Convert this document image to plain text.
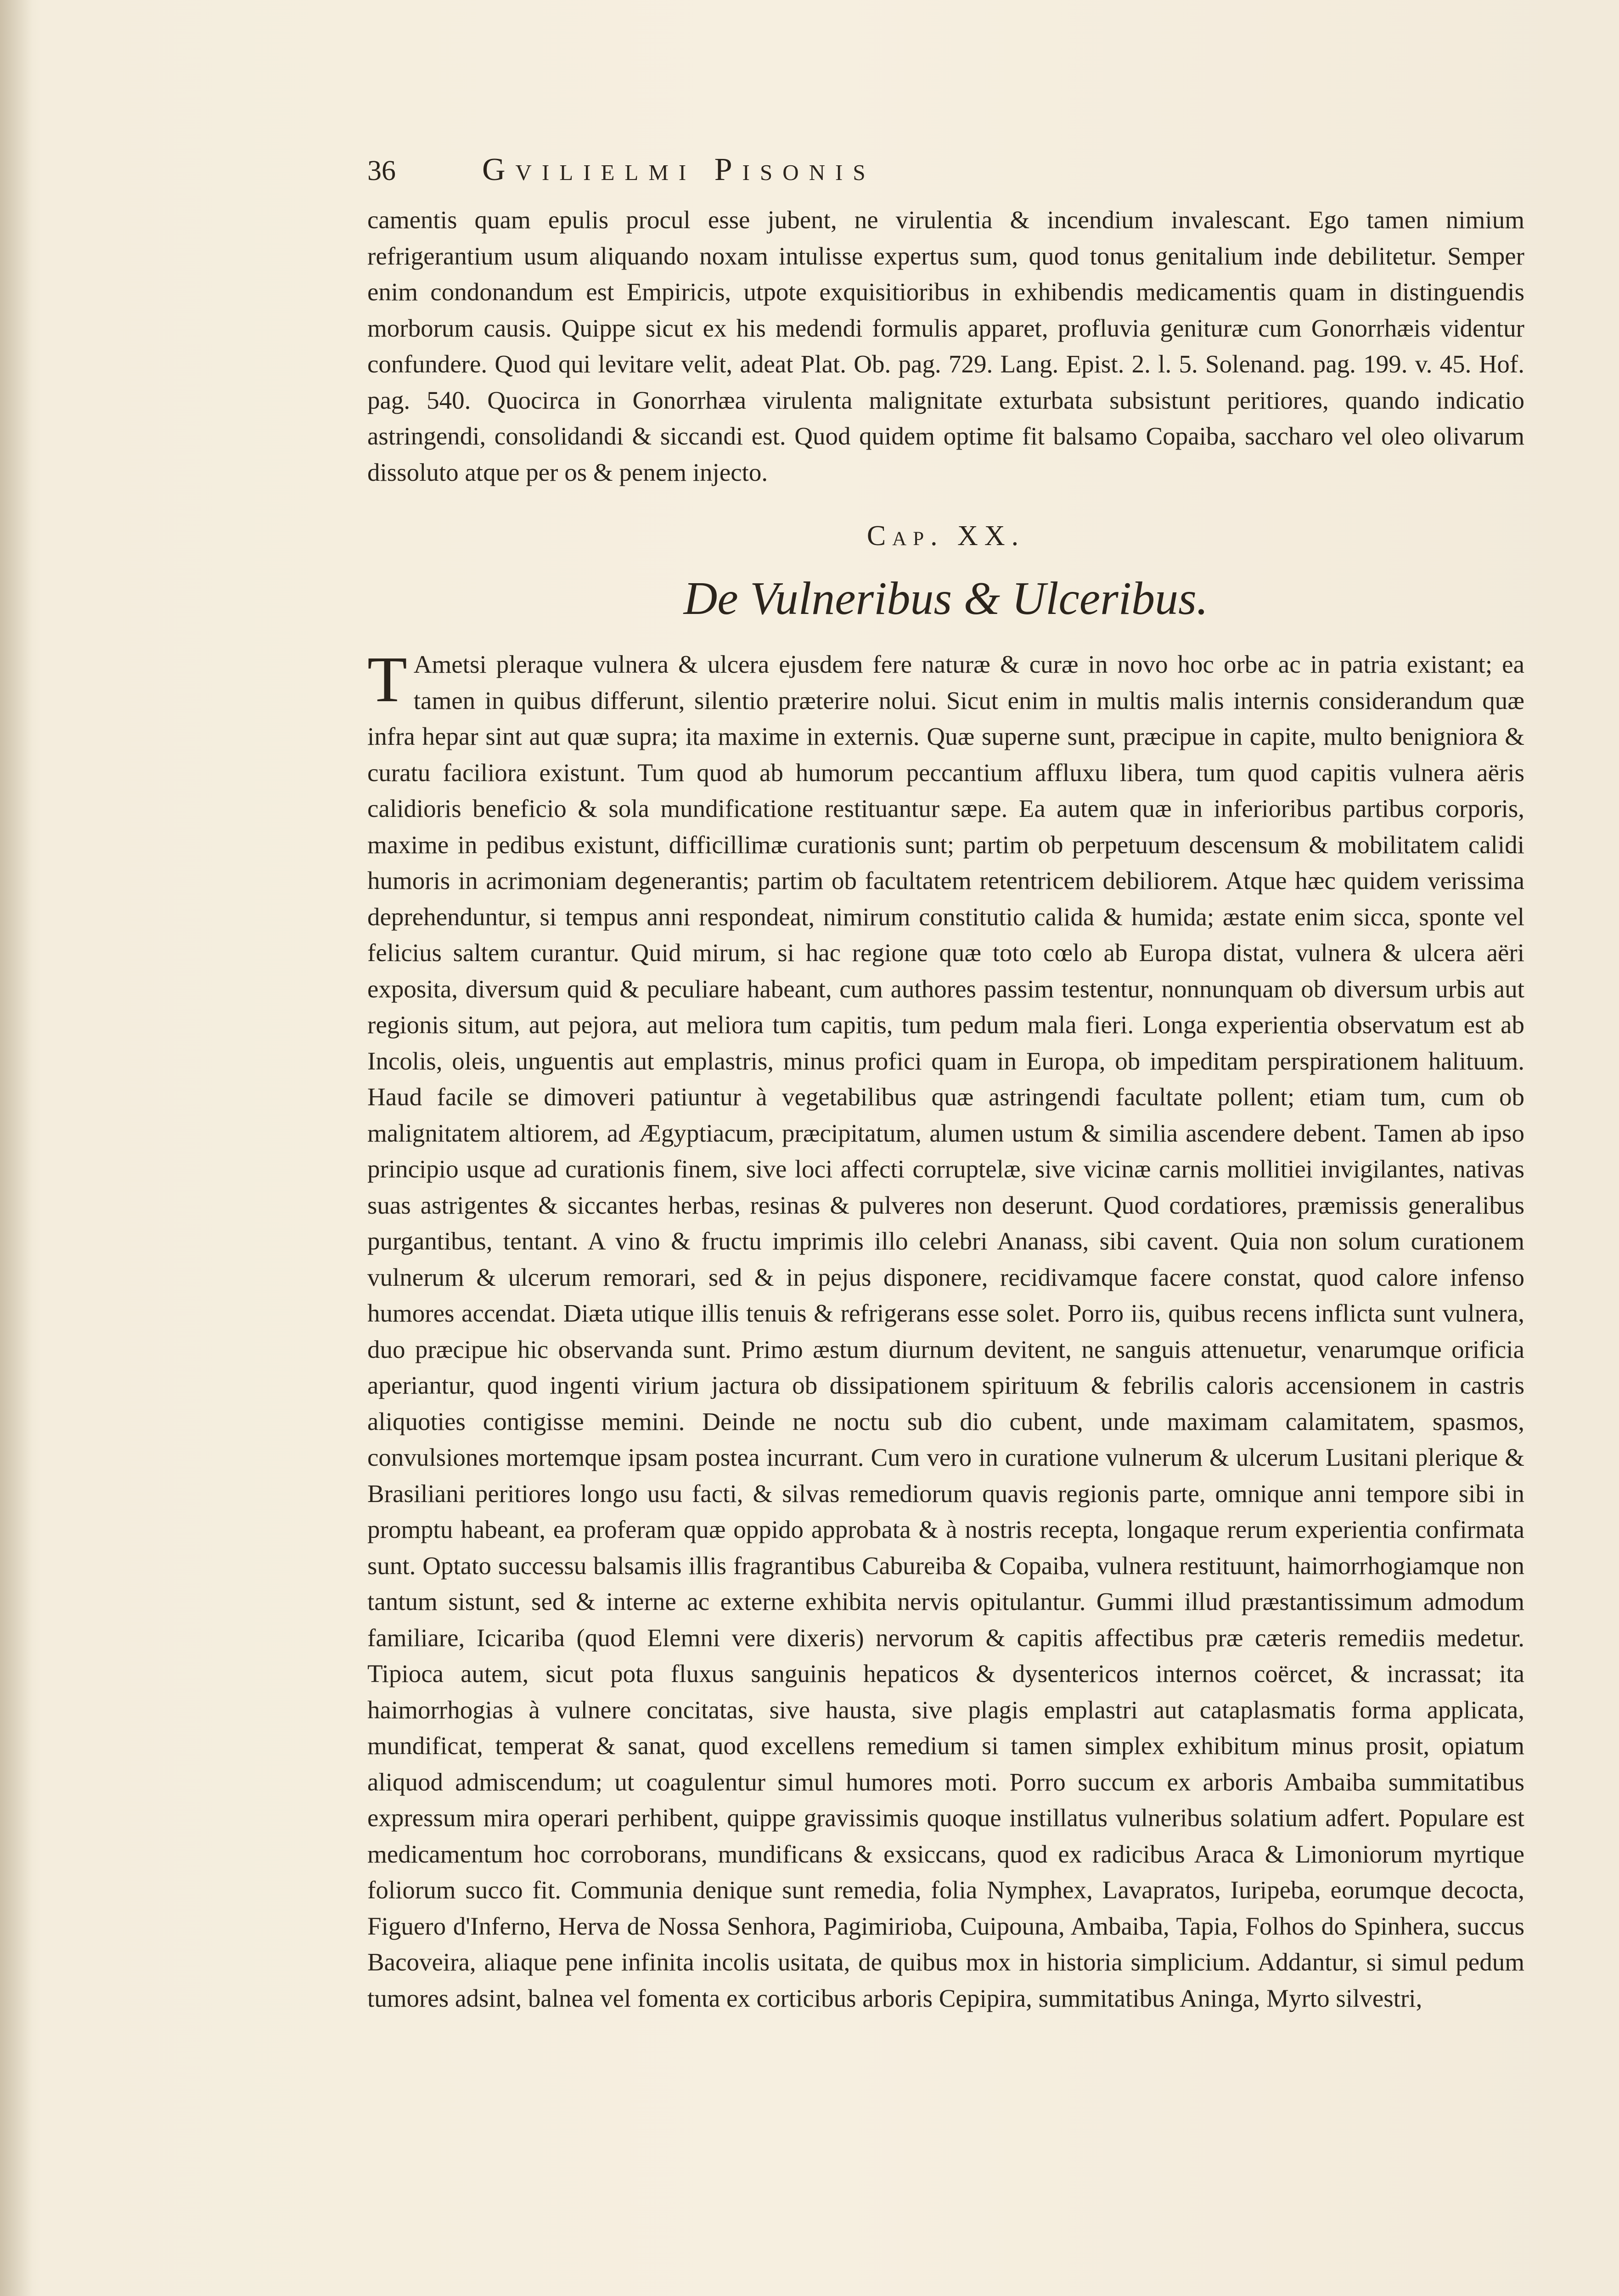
36	Gvilielmi Pisonis

camentis quam epulis procul esse jubent, ne virulentia & incendium invalescant. Ego tamen nimium refrigerantium usum aliquando noxam intulisse expertus sum, quod tonus genitalium inde debilitetur. Semper enim condonandum est Empiricis, utpote exquisitioribus in exhibendis medicamentis quam in distinguendis morborum causis. Quippe sicut ex his medendi formulis apparet, profluvia genituræ cum Gonorrhæis videntur confundere. Quod qui levitare velit, adeat Plat. Ob. pag. 729. Lang. Epist. 2. l. 5. Solenand. pag. 199. v. 45. Hof. pag. 540. Quocirca in Gonorrhæa virulenta malignitate exturbata subsistunt peritiores, quando indicatio astringendi, consolidandi & siccandi est. Quod quidem optime fit balsamo Copaiba, saccharo vel oleo olivarum dissoluto atque per os & penem injecto.

Cap. XX.
De Vulneribus & Ulceribus.
T Ametsi pleraque vulnera & ulcera ejusdem fere naturæ & curæ in novo hoc orbe ac in patria existant; ea tamen in quibus differunt, silentio præterire nolui. Sicut enim in multis malis internis considerandum quæ infra hepar sint aut quæ supra; ita maxime in externis. Quæ superne sunt, præcipue in capite, multo benigniora & curatu faciliora existunt. Tum quod ab humorum peccantium affluxu libera, tum quod capitis vulnera aëris calidioris beneficio & sola mundificatione restituantur sæpe. Ea autem quæ in inferioribus partibus corporis, maxime in pedibus existunt, difficillimæ curationis sunt; partim ob perpetuum descensum & mobilitatem calidi humoris in acrimoniam degenerantis; partim ob facultatem retentricem debiliorem. Atque hæc quidem verissima deprehenduntur, si tempus anni respondeat, nimirum constitutio calida & humida; æstate enim sicca, sponte vel felicius saltem curantur. Quid mirum, si hac regione quæ toto cœlo ab Europa distat, vulnera & ulcera aëri exposita, diversum quid & peculiare habeant, cum authores passim testentur, nonnunquam ob diversum urbis aut regionis situm, aut pejora, aut meliora tum capitis, tum pedum mala fieri. Longa experientia observatum est ab Incolis, oleis, unguentis aut emplastris, minus profici quam in Europa, ob impeditam perspirationem halituum. Haud facile se dimoveri patiuntur à vegetabilibus quæ astringendi facultate pollent; etiam tum, cum ob malignitatem altiorem, ad Ægyptiacum, præcipitatum, alumen ustum & similia ascendere debent. Tamen ab ipso principio usque ad curationis finem, sive loci affecti corruptelæ, sive vicinæ carnis mollitiei invigilantes, nativas suas astrigentes & siccantes herbas, resinas & pulveres non deserunt. Quod cordatiores, præmissis generalibus purgantibus, tentant. A vino & fructu imprimis illo celebri Ananass, sibi cavent. Quia non solum curationem vulnerum & ulcerum remorari, sed & in pejus disponere, recidivamque facere constat, quod calore infenso humores accendat. Diæta utique illis tenuis & refrigerans esse solet. Porro iis, quibus recens inflicta sunt vulnera, duo præcipue hic observanda sunt. Primo æstum diurnum devitent, ne sanguis attenuetur, venarumque orificia aperiantur, quod ingenti virium jactura ob dissipationem spirituum & febrilis caloris accensionem in castris aliquoties contigisse memini. Deinde ne noctu sub dio cubent, unde maximam calamitatem, spasmos, convulsiones mortemque ipsam postea incurrant. Cum vero in curatione vulnerum & ulcerum Lusitani plerique & Brasiliani peritiores longo usu facti, & silvas remediorum quavis regionis parte, omnique anni tempore sibi in promptu habeant, ea proferam quæ oppido approbata & à nostris recepta, longaque rerum experientia confirmata sunt. Optato successu balsamis illis fragrantibus Cabureiba & Copaiba, vulnera restituunt, haimorrhogiamque non tantum sistunt, sed & interne ac externe exhibita nervis opitulantur. Gummi illud præstantissimum admodum familiare, Icicariba (quod Elemni vere dixeris) nervorum & capitis affectibus præ cæteris remediis medetur. Tipioca autem, sicut pota fluxus sanguinis hepaticos & dysentericos internos coërcet, & incrassat; ita haimorrhogias à vulnere concitatas, sive hausta, sive plagis emplastri aut cataplasmatis forma applicata, mundificat, temperat & sanat, quod excellens remedium si tamen simplex exhibitum minus prosit, opiatum aliquod admiscendum; ut coagulentur simul humores moti. Porro succum ex arboris Ambaiba summitatibus expressum mira operari perhibent, quippe gravissimis quoque instillatus vulneribus solatium adfert. Populare est medicamentum hoc corroborans, mundificans & exsiccans, quod ex radicibus Araca & Limoniorum myrtique foliorum succo fit. Communia denique sunt remedia, folia Nymphex, Lavapratos, Iuripeba, eorumque decocta, Figuero d'Inferno, Herva de Nossa Senhora, Pagimirioba, Cuipouna, Ambaiba, Tapia, Folhos do Spinhera, succus Bacoveira, aliaque pene infinita incolis usitata, de quibus mox in historia simplicium. Addantur, si simul pedum tumores adsint, balnea vel fomenta ex corticibus arboris Cepipira, summitatibus Aninga, Myrto silvestri,
